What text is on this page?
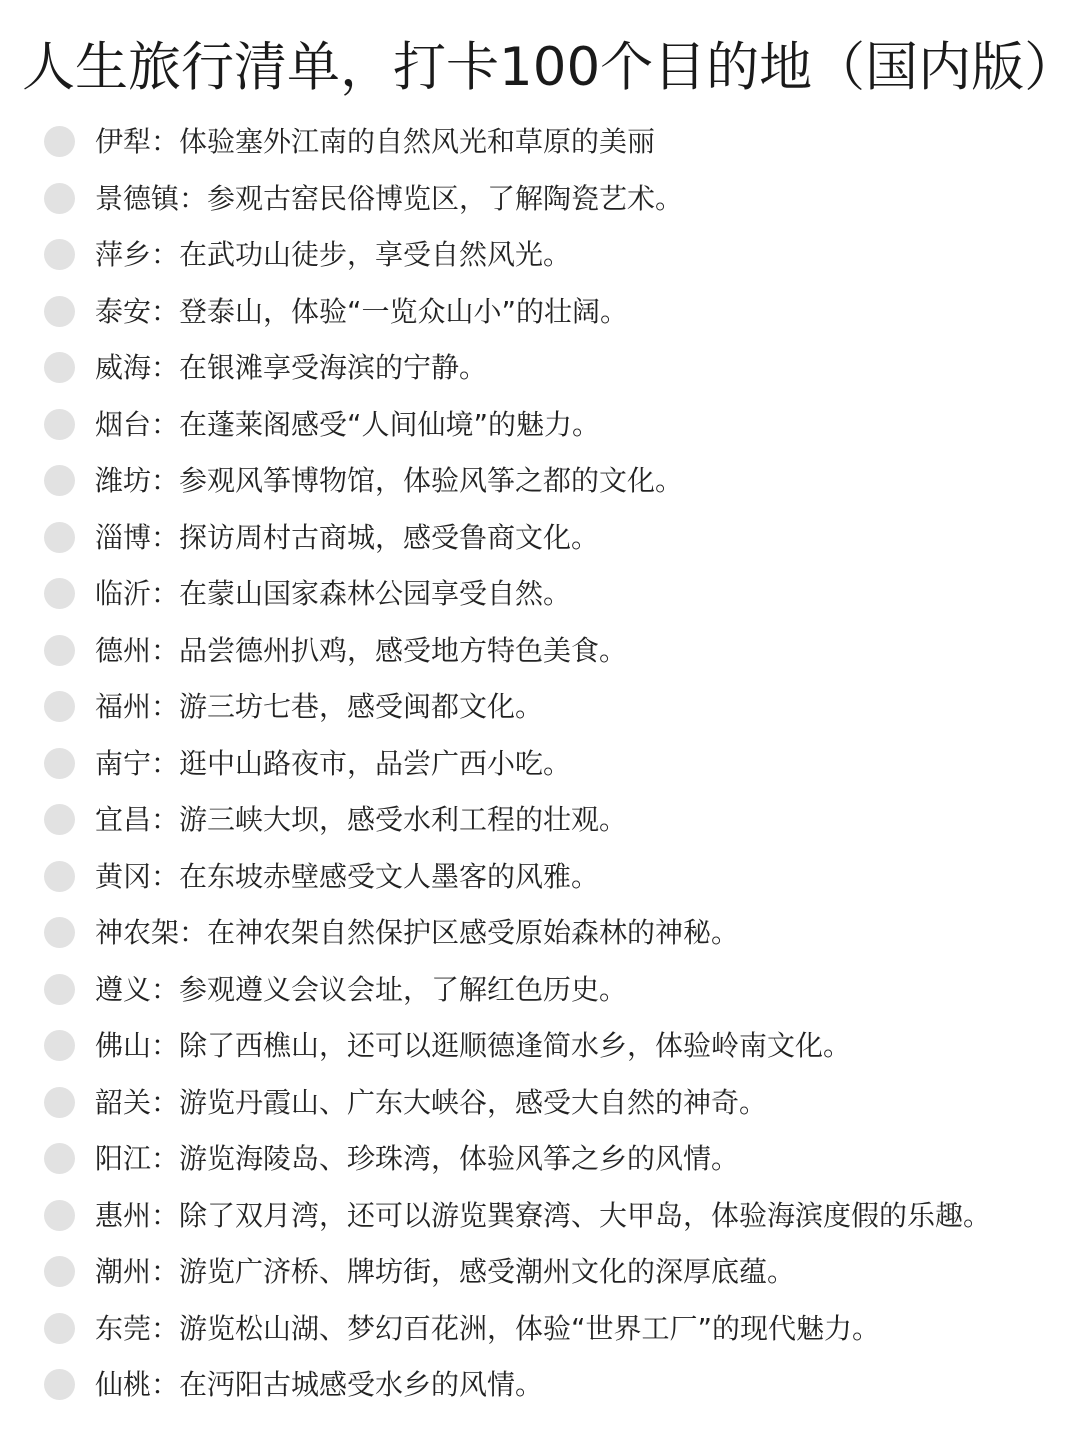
人生旅行清单，打卡100个目的地（国内版）
伊犁：体验塞外江南的自然风光和草原的美丽
景德镇：参观古窑民俗博览区，了解陶瓷艺术。
萍乡：在武功山徒步，享受自然风光。
泰安：登泰山，体验“一览众山小”的壮阔。
威海：在银滩享受海滨的宁静。
烟台：在蓬莱阁感受“人间仙境”的魅力。
潍坊：参观风筝博物馆，体验风筝之都的文化。
淄博：探访周村古商城，感受鲁商文化。
临沂：在蒙山国家森林公园享受自然。
德州：品尝德州扒鸡，感受地方特色美食。
福州：游三坊七巷，感受闽都文化。
南宁：逛中山路夜市，品尝广西小吃。
宜昌：游三峡大坝，感受水利工程的壮观。
黄冈：在东坡赤壁感受文人墨客的风雅。
神农架：在神农架自然保护区感受原始森林的神秘。
遵义：参观遵义会议会址，了解红色历史。
佛山：除了西樵山，还可以逛顺德逢简水乡，体验岭南文化。
韶关：游览丹霞山、广东大峡谷，感受大自然的神奇。
阳江：游览海陵岛、珍珠湾，体验风筝之乡的风情。
惠州：除了双月湾，还可以游览巽寮湾、大甲岛，体验海滨度假的乐趣。
潮州：游览广济桥、牌坊街，感受潮州文化的深厚底蕴。
东莞：游览松山湖、梦幻百花洲，体验“世界工厂”的现代魅力。
仙桃：在沔阳古城感受水乡的风情。
